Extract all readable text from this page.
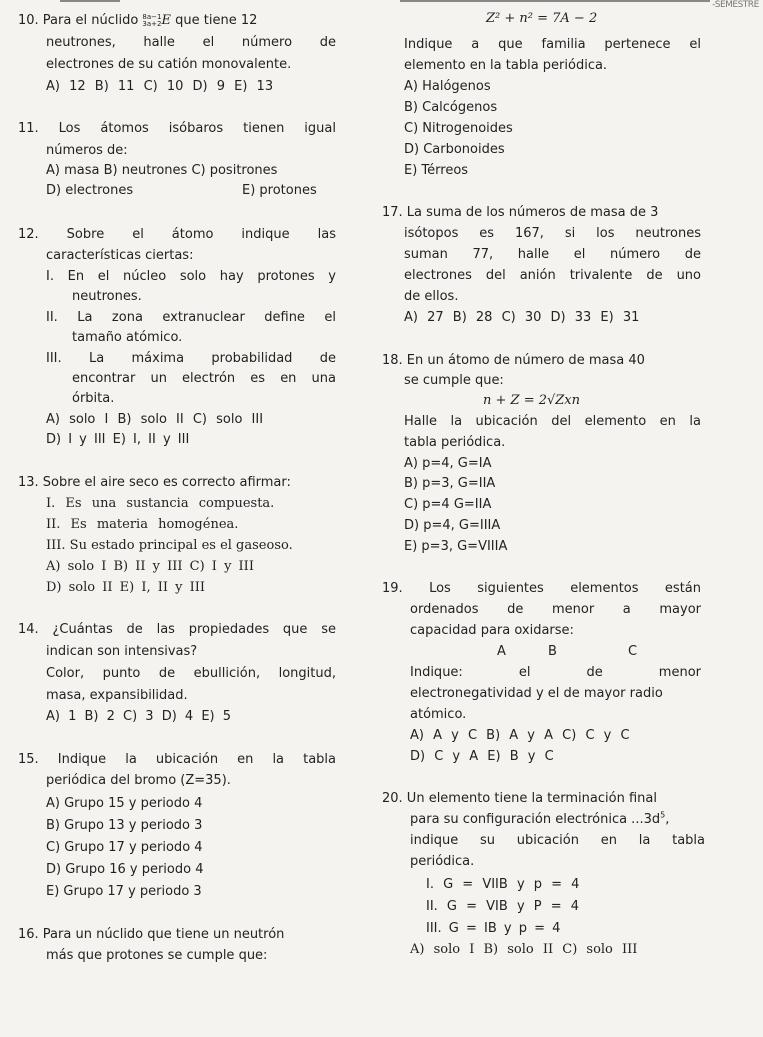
-SEMESTRE
10. Para el núclido 8a−1
3a+2 E que tiene 12
neutrones, halle el número de
electrones de su catión monovalente.
A) 12 B) 11 C) 10 D) 9 E) 13
11. Los átomos isóbaros tienen igual
números de:
A) masa B) neutrones C) positrones
D) electrones	E) protones
12. Sobre el átomo indique las
características ciertas:
I. En el núcleo solo hay protones y
neutrones.
II. La zona extranuclear define el
tamaño atómico.
III. La máxima probabilidad de
encontrar un electrón es en una
órbita.
A) solo I B) solo II C) solo III
D) I y III E) I, II y III
13. Sobre el aire seco es correcto afirmar:
I. Es una sustancia compuesta.
II. Es materia homogénea.
III. Su estado principal es el gaseoso.
A) solo I B) II y III C) I y III
D) solo II E) I, II y III
14. ¿Cuántas de las propiedades que se
indican son intensivas?
Color, punto de ebullición, longitud,
masa, expansibilidad.
A) 1 B) 2 C) 3 D) 4 E) 5
15. Indique la ubicación en la tabla
periódica del bromo (Z=35).
A) Grupo 15 y periodo 4
B) Grupo 13 y periodo 3
C) Grupo 17 y periodo 4
D) Grupo 16 y periodo 4
E) Grupo 17 y periodo 3
16. Para un núclido que tiene un neutrón
más que protones se cumple que:
Z² + n² = 7A − 2
Indique a que familia pertenece el
elemento en la tabla periódica.
A) Halógenos
B) Calcógenos
C) Nitrogenoides
D) Carbonoides
E) Térreos
17. La suma de los números de masa de 3
isótopos es 167, si los neutrones
suman 77, halle el número de
electrones del anión trivalente de uno
de ellos.
A) 27 B) 28 C) 30 D) 33 E) 31
18. En un átomo de número de masa 40
se cumple que:
n + Z = 2√Zxn
Halle la ubicación del elemento en la
tabla periódica.
A) p=4, G=IA
B) p=3, G=IIA
C) p=4 G=IIA
D) p=4, G=IIIA
E) p=3, G=VIIIA
19. Los siguientes elementos están
ordenados de menor a mayor
capacidad para oxidarse:
A	B	C
Indique: el de menor
electronegatividad y el de mayor radio
atómico.
A) A y C B) A y A C) C y C
D) C y A E) B y C
20. Un elemento tiene la terminación final
para su configuración electrónica $...3d^5$,
indique su ubicación en la tabla
periódica.
I. G = VIIB y p = 4
II. G = VIB y P = 4
III. G = IB y p = 4
A) solo I B) solo II C) solo III
